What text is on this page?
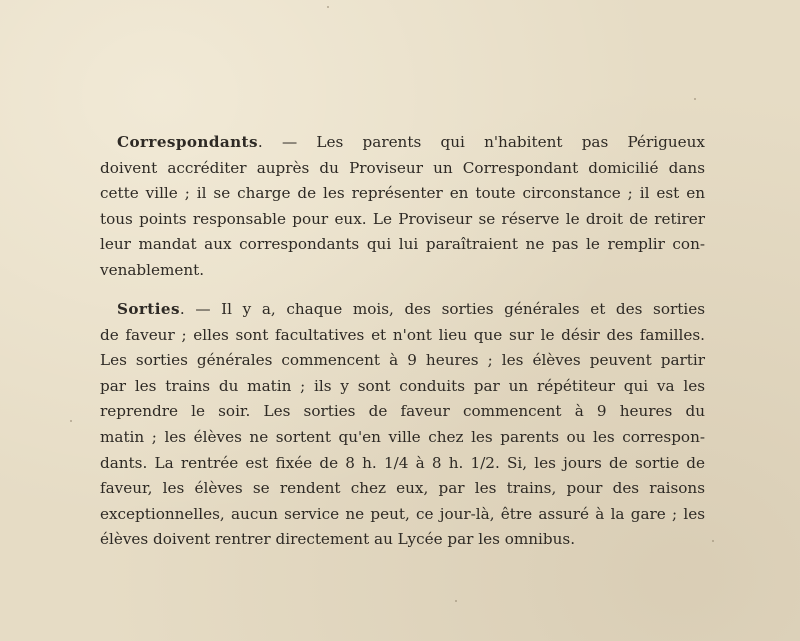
Correspondants. — Les parents qui n'habitent pas Périgueux
doivent accréditer auprès du Proviseur un Correspondant domicilié dans
cette ville ; il se charge de les représenter en toute circonstance ; il est en
tous points responsable pour eux. Le Proviseur se réserve le droit de retirer
leur mandat aux correspondants qui lui paraîtraient ne pas le remplir con-
venablement.
Sorties. — Il y a, chaque mois, des sorties générales et des sorties
de faveur ; elles sont facultatives et n'ont lieu que sur le désir des familles.
Les sorties générales commencent à 9 heures ; les élèves peuvent partir
par les trains du matin ; ils y sont conduits par un répétiteur qui va les
reprendre le soir. Les sorties de faveur commencent à 9 heures du
matin ; les élèves ne sortent qu'en ville chez les parents ou les correspon-
dants. La rentrée est fixée de 8 h. 1/4 à 8 h. 1/2. Si, les jours de sortie de
faveur, les élèves se rendent chez eux, par les trains, pour des raisons
exceptionnelles, aucun service ne peut, ce jour-là, être assuré à la gare ; les
élèves doivent rentrer directement au Lycée par les omnibus.
